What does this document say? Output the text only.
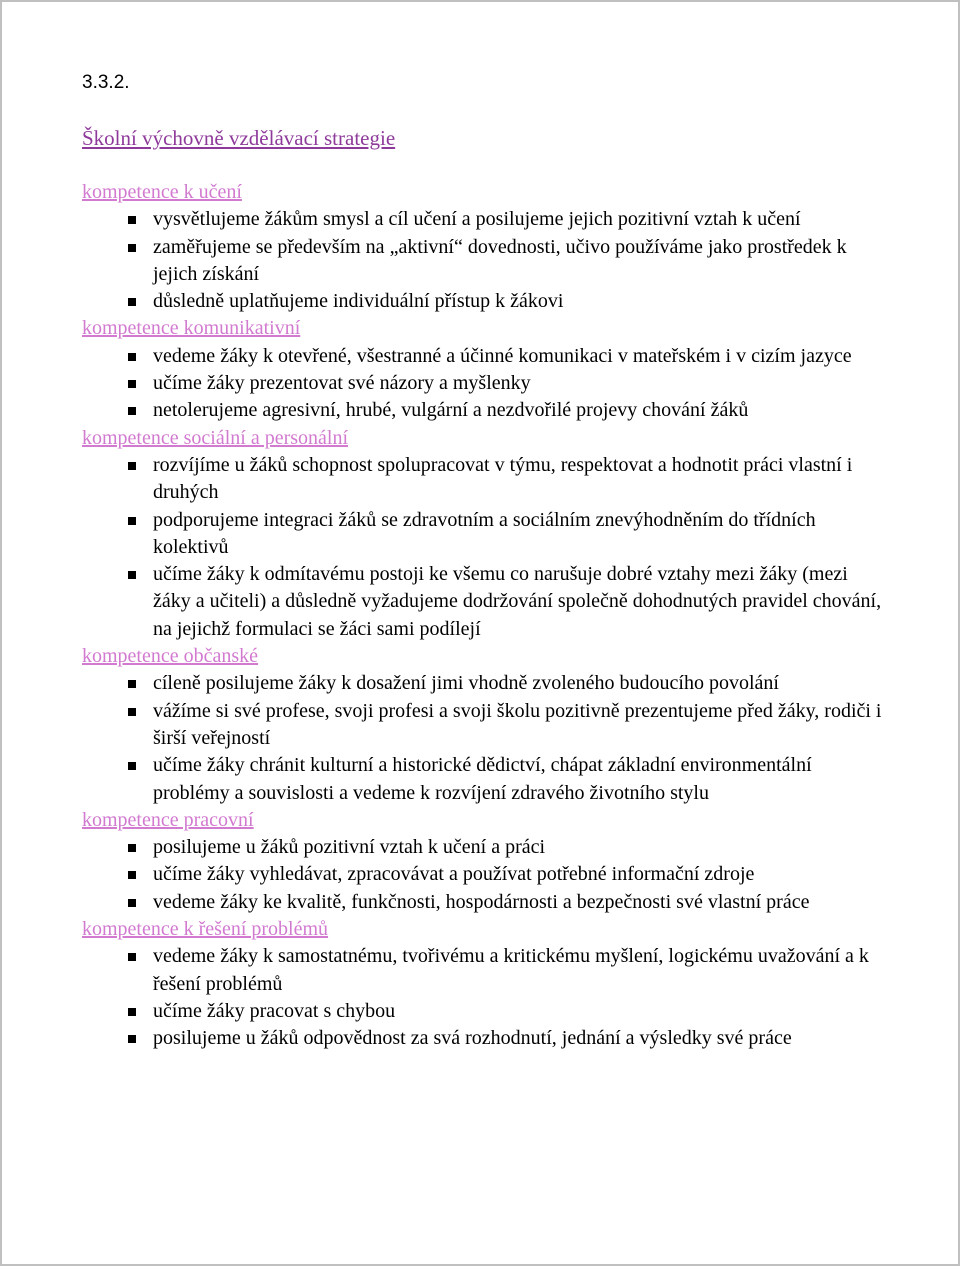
3.3.2.
Školní výchovně vzdělávací strategie
kompetence k učení
vysvětlujeme žákům smysl a cíl učení a posilujeme jejich pozitivní vztah k učení
zaměřujeme se především na „aktivní“ dovednosti, učivo používáme jako prostředek k jejich získání
důsledně uplatňujeme individuální přístup k žákovi
kompetence komunikativní
vedeme žáky k otevřené, všestranné a účinné komunikaci v mateřském i v cizím jazyce
učíme žáky prezentovat své názory a myšlenky
netolerujeme agresivní, hrubé, vulgární a nezdvořilé projevy chování žáků
kompetence sociální a personální
rozvíjíme u žáků schopnost spolupracovat v týmu, respektovat a hodnotit práci vlastní i druhých
podporujeme integraci žáků se zdravotním a sociálním znevýhodněním do třídních kolektivů
učíme žáky k odmítavému postoji ke všemu co narušuje dobré vztahy mezi žáky (mezi žáky a učiteli) a důsledně vyžadujeme dodržování společně dohodnutých pravidel chování, na jejichž formulaci se žáci sami podílejí
kompetence občanské
cíleně posilujeme žáky k dosažení jimi vhodně zvoleného budoucího povolání
vážíme si své profese, svoji profesi a svoji školu pozitivně prezentujeme před žáky, rodiči i širší veřejností
učíme žáky chránit kulturní a historické dědictví, chápat základní environmentální problémy a souvislosti a vedeme k rozvíjení zdravého životního stylu
kompetence pracovní
posilujeme u žáků pozitivní vztah k učení a práci
učíme žáky vyhledávat, zpracovávat a používat potřebné informační zdroje
vedeme žáky ke kvalitě, funkčnosti, hospodárnosti a bezpečnosti své vlastní práce
kompetence k řešení problémů
vedeme žáky k samostatnému, tvořivému a kritickému myšlení, logickému uvažování a k řešení problémů
učíme žáky pracovat s chybou
posilujeme u žáků odpovědnost za svá rozhodnutí, jednání a výsledky své práce
